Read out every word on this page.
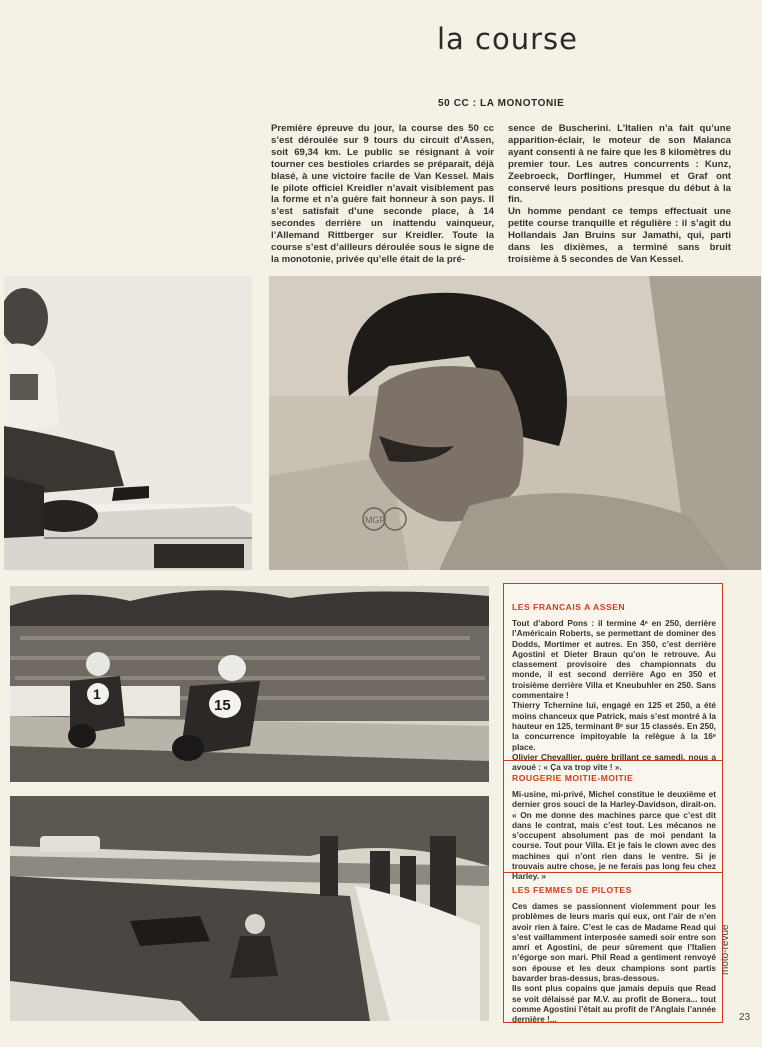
la course
50 CC : LA MONOTONIE

Première épreuve du jour, la course des 50 cc s’est déroulée sur 9 tours du circuit d’Assen, soit 69,34 km. Le public se résignant à voir tourner ces bestioles criardes se préparait, déjà blasé, à une victoire facile de Van Kessel. Mais le pilote officiel Kreidler n’avait visiblement pas la forme et n’a guère fait honneur à son pays. Il s’est satisfait d’une seconde place, à 14 secondes derrière un inattendu vainqueur, l’Allemand Rittberger sur Kreidler. Toute la course s’est d’ailleurs déroulée sous le signe de la monotonie, privée qu’elle était de la pré-

sence de Buscherini. L’Italien n’a fait qu’une apparition-éclair, le moteur de son Malanca ayant consenti à ne faire que les 8 kilomètres du premier tour. Les autres concurrents : Kunz, Zeebroeck, Dorflinger, Hummel et Graf ont conservé leurs positions presque du début à la fin.

Un homme pendant ce temps effectuait une petite course tranquille et régulière : il s’agit du Hollandais Jan Bruins sur Jamathi, qui, parti dans les dixièmes, a terminé sans bruit troisième à 5 secondes de Van Kessel.

MGP
1
15
LES FRANCAIS A ASSEN

Tout d’abord Pons : il termine 4ᵉ en 250, derrière l’Américain Roberts, se permettant de dominer des Dodds, Mortimer et autres. En 350, c’est derrière Agostini et Dieter Braun qu’on le retrouve. Au classement provisoire des championnats du monde, il est second derrière Ago en 350 et troisième derrière Villa et Kneubuhler en 250. Sans commentaire !

Thierry Tchernine lui, engagé en 125 et 250, a été moins chanceux que Patrick, mais s’est montré à la hauteur en 125, terminant 8ᵉ sur 15 classés. En 250, la concurrence impitoyable la relègue à la 16ᵉ place.

Olivier Chevallier, guère brillant ce samedi, nous a avoué : « Ça va trop vite ! ».

ROUGERIE MOITIE-MOITIE

Mi-usine, mi-privé, Michel constitue le deuxième et dernier gros souci de la Harley-Davidson, dirait-on. « On me donne des machines parce que c’est dit dans le contrat, mais c’est tout. Les mécanos ne s’occupent absolument pas de moi pendant la course. Tout pour Villa. Et je fais le clown avec des machines qui n’ont rien dans le ventre. Si je trouvais autre chose, je ne ferais pas long feu chez Harley. »

LES FEMMES DE PILOTES

Ces dames se passionnent violemment pour les problèmes de leurs maris qui eux, ont l’air de n’en avoir rien à faire. C’est le cas de Madame Read qui s’est vaillamment interposée samedi soir entre son amri et Agostini, de peur sûrement que l’Italien n’égorge son mari. Phil Read a gentiment renvoyé son épouse et les deux champions sont partis bavarder bras-dessus, bras-dessous.

Ils sont plus copains que jamais depuis que Read se voit délaissé par M.V. au profit de Bonera... tout comme Agostini l’était au profit de l’Anglais l’année dernière !...

moto-revue
23
